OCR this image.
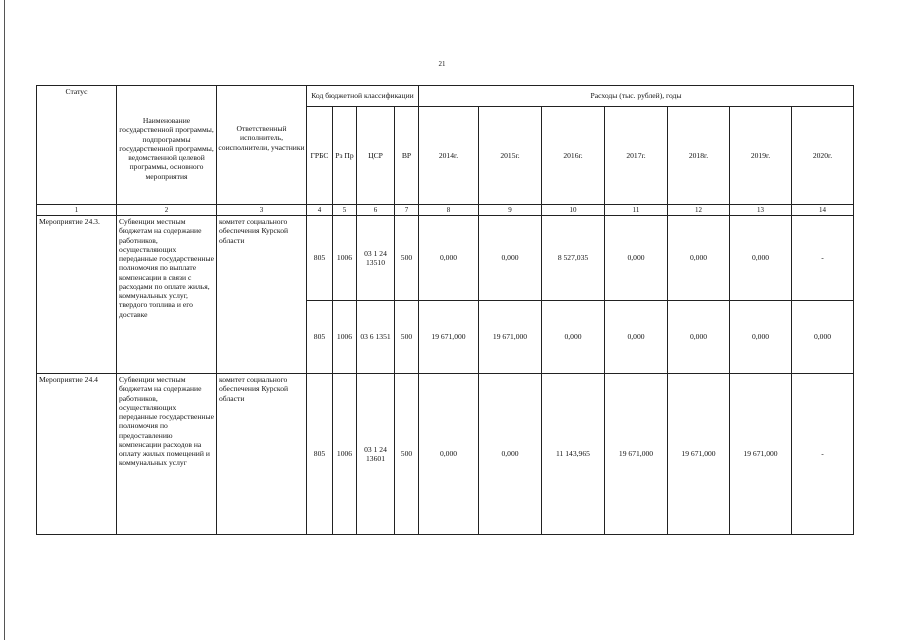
21
Статус	Наименование государственной программы, подпрограммы государственной программы, ведомственной целевой программы, основного мероприятия	Ответственный исполнитель, соисполнители, участники	Код бюджетной классификации				Расходы (тыс. рублей), годы						
			ГРБС	Рз Пр	ЦСР	ВР	2014г.	2015г.	2016г.	2017г.	2018г.	2019г.	2020г.
1	2	3	4	5	6	7	8	9	10	11	12	13	14
Мероприятие 24.3.	Субвенции местным бюджетам на содержание работников, осуществляющих переданные государственные полномочия по выплате компенсации в связи с расходами по оплате жилья, коммунальных услуг, твердого топлива и его доставке	комитет социального обеспечения Курской области	805	1006	03 1 24 13510	500	0,000	0,000	8 527,035	0,000	0,000	0,000	-
			805	1006	03 6 1351	500	19 671,000	19 671,000	0,000	0,000	0,000	0,000	0,000
Мероприятие 24.4	Субвенции местным бюджетам на содержание работников, осуществляющих переданные государственные полномочия по предоставлению компенсации расходов на оплату жилых помещений и коммунальных услуг	комитет социального обеспечения Курской области	805	1006	03 1 24 13601	500	0,000	0,000	11 143,965	19 671,000	19 671,000	19 671,000	-
